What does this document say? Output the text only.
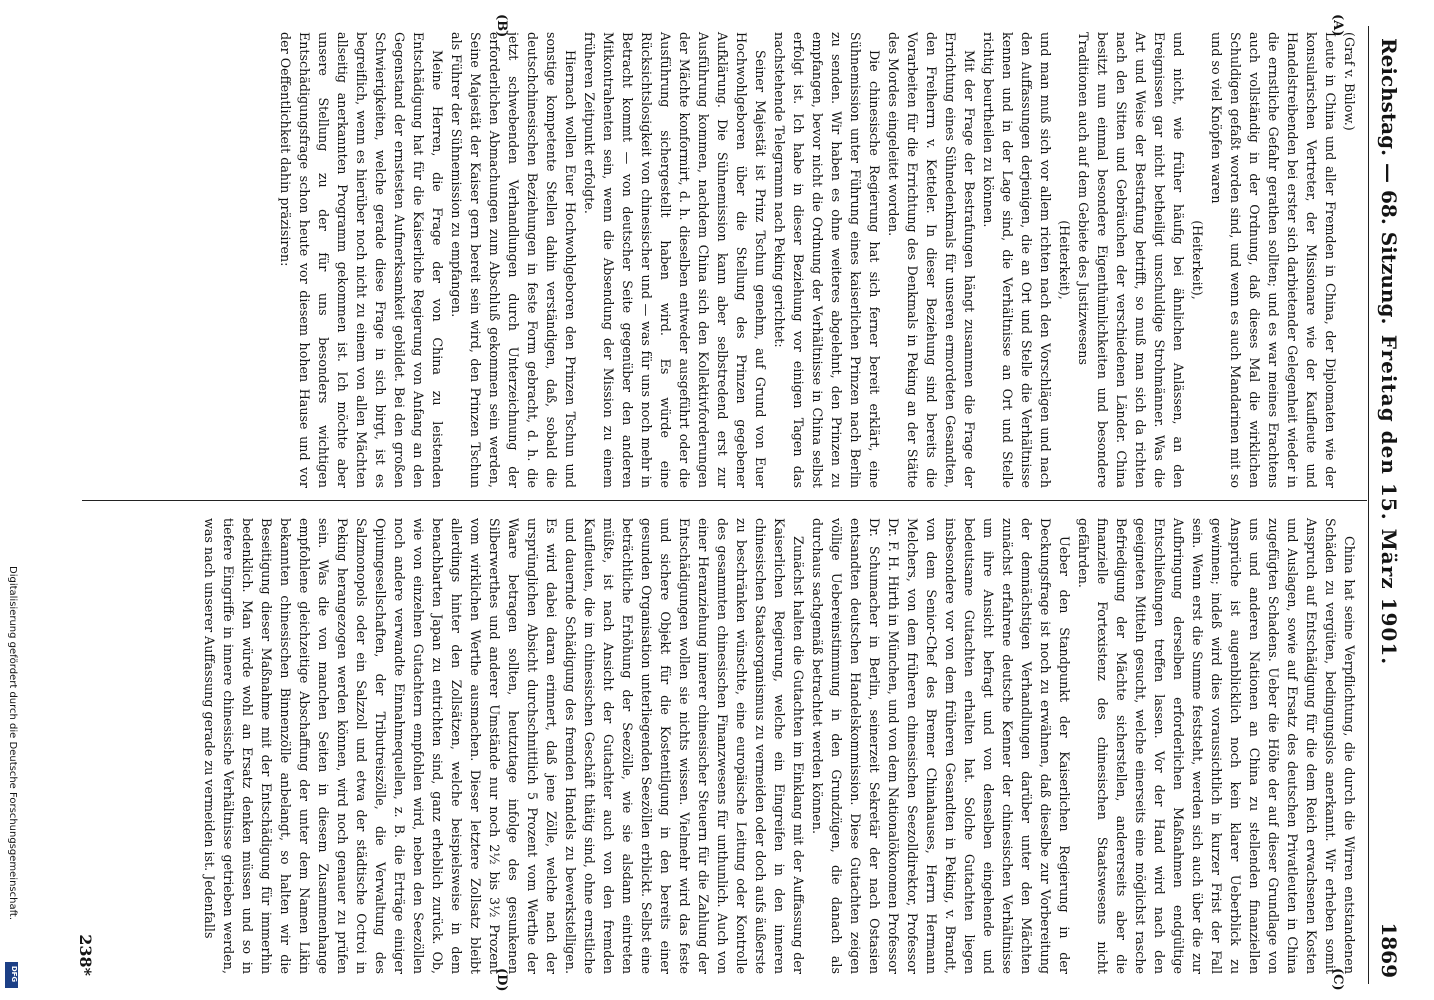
Reichstag. — 68. Sitzung.
Freitag den 15. März 1901.
1869
(A)
(B)
(C)
(D)

(Graf v. Bülow.)

Leute in China und aller Fremden in China, der Diplomaten wie der konsularischen Vertreter, der Missionare wie der Kaufleute und Handelstreibenden bei erster sich darbietender Gelegenheit wieder in die ernstliche Gefahr gerathen sollten; und es war meines Erachtens auch vollständig in der Ordnung, daß dieses Mal die wirklichen Schuldigen gefaßt worden sind, und wenn es auch Mandarinen mit so und so viel Knöpfen waren

(Heiterkeit),

und nicht, wie früher häufig bei ähnlichen Anlässen, an den Ereignissen gar nicht betheiligt unschuldige Strohmänner. Was die Art und Weise der Bestrafung betrifft, so muß man sich da richten nach den Sitten und Gebräuchen der verschiedenen Länder. China besitzt nun einmal besondere Eigenthümlichkeiten und besondere Traditionen auch auf dem Gebiete des Justizwesens

(Heiterkeit),

und man muß sich vor allem richten nach den Vorschlägen und nach den Auffassungen derjenigen, die an Ort und Stelle die Verhältnisse kennen und in der Lage sind, die Verhältnisse an Ort und Stelle richtig beurtheilen zu können.

Mit der Frage der Bestrafungen hängt zusammen die Frage der Errichtung eines Sühnedenkmals für unseren ermordeten Gesandten, den Freiherrn v. Ketteler. In dieser Beziehung sind bereits die Vorarbeiten für die Errichtung des Denkmals in Peking an der Stätte des Mordes eingeleitet worden.

Die chinesische Regierung hat sich ferner bereit erklärt, eine Sühnemission unter Führung eines kaiserlichen Prinzen nach Berlin zu senden. Wir haben es ohne weiteres abgelehnt, den Prinzen zu empfangen, bevor nicht die Ordnung der Verhältnisse in China selbst erfolgt ist. Ich habe in dieser Beziehung vor einigen Tagen das nachstehende Telegramm nach Peking gerichtet:

Seiner Majestät ist Prinz Tschun genehm, auf Grund von Euer Hochwohlgeboren über die Stellung des Prinzen gegebener Aufklärung. Die Sühnemission kann aber selbstredend erst zur Ausführung kommen, nachdem China sich den Kollektivforderungen der Mächte konformirt, d. h. dieselben entweder ausgeführt oder die Ausführung sichergestellt haben wird. Es würde eine Rücksichtslosigkeit von chinesischer und — was für uns noch mehr in Betracht kommt — von deutscher Seite gegenüber den anderen Mitkontrahenten sein, wenn die Absendung der Mission zu einem früheren Zeitpunkt erfolgte.

Hiernach wollen Euer Hochwohlgeboren den Prinzen Tschun und sonstige kompetente Stellen dahin verständigen, daß, sobald die deutschchinesischen Beziehungen in feste Form gebracht, d. h. die jetzt schwebenden Verhandlungen durch Unterzeichnung der erforderlichen Abmachungen zum Abschluß gekommen sein werden, Seine Majestät der Kaiser gern bereit sein wird, den Prinzen Tschun als Führer der Sühnemission zu empfangen.

Meine Herren, die Frage der von China zu leistenden Entschädigung hat für die Kaiserliche Regierung von Anfang an den Gegenstand der ernstesten Aufmerksamkeit gebildet. Bei den großen Schwierigkeiten, welche gerade diese Frage in sich birgt, ist es begreiflich, wenn es hierüber noch nicht zu einem von allen Mächten allseitig anerkannten Programm gekommen ist. Ich möchte aber unsere Stellung zu der für uns besonders wichtigen Entschädigungsfrage schon heute vor diesem hohen Hause und vor der Oeffentlichkeit dahin präzisiren:

China hat seine Verpflichtung, die durch die Wirren entstandenen Schäden zu vergüten, bedingungslos anerkannt. Wir erheben somit Anspruch auf Entschädigung für die dem Reich erwachsenen Kosten und Auslagen, sowie auf Ersatz des deutschen Privatleuten in China zugefügten Schadens. Ueber die Höhe der auf dieser Grundlage von uns und anderen Nationen an China zu stellenden finanziellen Ansprüche ist augenblicklich noch kein klarer Ueberblick zu gewinnen; indeß wird dies voraussichtlich in kurzer Frist der Fall sein. Wenn erst die Summe feststeht, werden sich auch über die zur Aufbringung derselben erforderlichen Maßnahmen endgültige Entschließungen treffen lassen. Vor der Hand wird nach den geeigneten Mitteln gesucht, welche einerseits eine möglichst rasche Befriedigung der Mächte sicherstellen, andererseits aber die finanzielle Fortexistenz des chinesischen Staatswesens nicht gefährden.

Ueber den Standpunkt der Kaiserlichen Regierung in der Deckungsfrage ist noch zu erwähnen, daß dieselbe zur Vorbereitung der demnächstigen Verhandlungen darüber unter den Mächten zunächst erfahrene deutsche Kenner der chinesischen Verhältnisse um ihre Ansicht befragt und von denselben eingehende und bedeutsame Gutachten erhalten hat. Solche Gutachten liegen insbesondere vor von dem früheren Gesandten in Peking, v. Brandt, von dem Senior-Chef des Bremer Chinahauses, Herrn Hermann Melchers, von dem früheren chinesischen Seezolldirektor, Professor Dr. F. H. Hirth in München, und von dem Nationalökonomen Professor Dr. Schumacher in Berlin, seinerzeit Sekretär der nach Ostasien entsandten deutschen Handelskommission. Diese Gutachten zeigen völlige Uebereinstimmung in den Grundzügen, die danach als durchaus sachgemäß betrachtet werden können.

Zunächst halten die Gutachten im Einklang mit der Auffassung der Kaiserlichen Regierung, welche ein Eingreifen in den inneren chinesischen Staatsorganismus zu vermeiden oder doch aufs äußerste zu beschränken wünschte, eine europäische Leitung oder Kontrolle des gesammten chinesischen Finanzwesens für unthunlich. Auch von einer Heranziehung innerer chinesischer Steuern für die Zahlung der Entschädigungen wollen sie nichts wissen. Vielmehr wird das feste und sichere Objekt für die Kostentilgung in den bereits einer gesunden Organisation unterliegenden Seezöllen erblickt. Selbst eine beträchtliche Erhöhung der Seezölle, wie sie alsdann eintreten müßte, ist nach Ansicht der Gutachter auch von den fremden Kaufleuten, die im chinesischen Geschäft thätig sind, ohne ernstliche und dauernde Schädigung des fremden Handels zu bewerkstelligen. Es wird dabei daran erinnert, daß jene Zölle, welche nach der ursprünglichen Absicht durchschnittlich 5 Prozent vom Werthe der Waare betragen sollten, heutzutage infolge des gesunkenen Silberwerthes und anderer Umstände nur noch 2½ bis 3½ Prozent vom wirklichen Werthe ausmachen. Dieser letztere Zollsatz bleibt allerdings hinter den Zollsätzen, welche beispielsweise in dem benachbarten Japan zu entrichten sind, ganz erheblich zurück. Ob, wie von einzelnen Gutachtern empfohlen wird, neben den Seezöllen noch andere verwandte Einnahmequellen, z. B. die Erträge einiger Opiumgesellschaften, der Tributreiszölle, die Verwaltung des Salzmonopols oder ein Salzzoll und etwa der städtische Octroi in Peking herangezogen werden können, wird noch genauer zu prüfen sein. Was die von manchen Seiten in diesem Zusammenhange empfohlene gleichzeitige Abschaffung der unter dem Namen Likin bekannten chinesischen Binnenzölle anbelangt, so halten wir die Beseitigung dieser Maßnahme mit der Entschädigung für immerhin bedenklich. Man würde wohl an Ersatz denken müssen und so in tiefere Eingriffe in innere chinesische Verhältnisse getrieben werden, was nach unserer Auffassung gerade zu vermeiden ist. Jedenfalls

238*
Digitalisierung gefördert durch die Deutsche Forschungsgemeinschaft.
DFG
